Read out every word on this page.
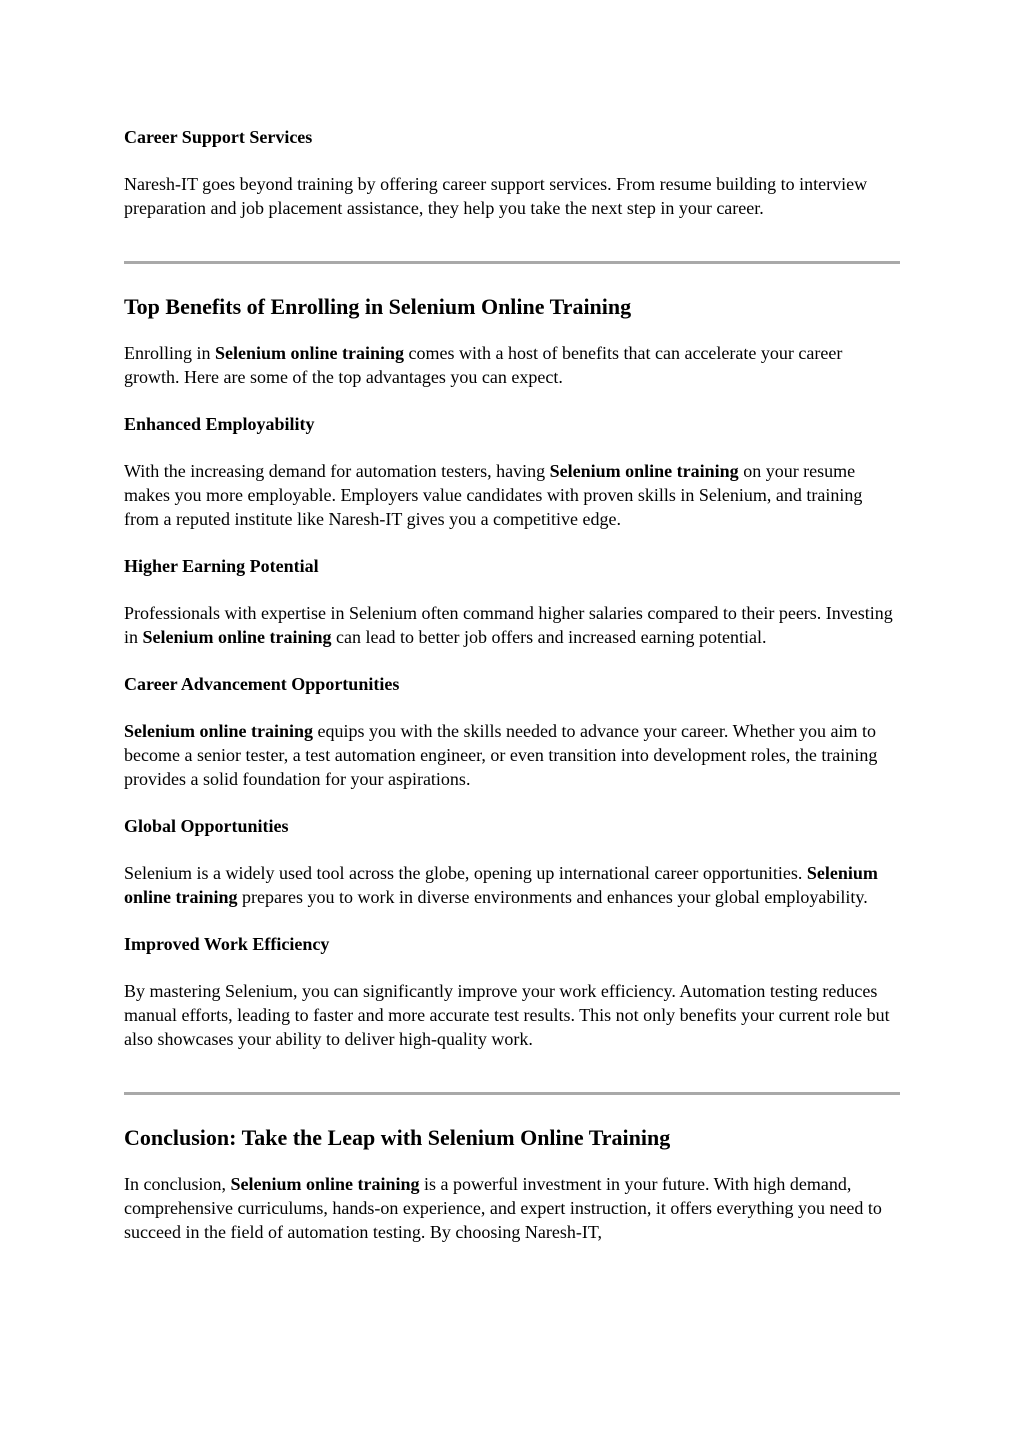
Career Support Services

Naresh-IT goes beyond training by offering career support services. From resume building to interview preparation and job placement assistance, they help you take the next step in your career.

Top Benefits of Enrolling in Selenium Online Training

Enrolling in Selenium online training comes with a host of benefits that can accelerate your career growth. Here are some of the top advantages you can expect.

Enhanced Employability

With the increasing demand for automation testers, having Selenium online training on your resume makes you more employable. Employers value candidates with proven skills in Selenium, and training from a reputed institute like Naresh-IT gives you a competitive edge.

Higher Earning Potential

Professionals with expertise in Selenium often command higher salaries compared to their peers. Investing in Selenium online training can lead to better job offers and increased earning potential.

Career Advancement Opportunities

Selenium online training equips you with the skills needed to advance your career. Whether you aim to become a senior tester, a test automation engineer, or even transition into development roles, the training provides a solid foundation for your aspirations.

Global Opportunities

Selenium is a widely used tool across the globe, opening up international career opportunities. Selenium online training prepares you to work in diverse environments and enhances your global employability.

Improved Work Efficiency

By mastering Selenium, you can significantly improve your work efficiency. Automation testing reduces manual efforts, leading to faster and more accurate test results. This not only benefits your current role but also showcases your ability to deliver high-quality work.

Conclusion: Take the Leap with Selenium Online Training

In conclusion, Selenium online training is a powerful investment in your future. With high demand, comprehensive curriculums, hands-on experience, and expert instruction, it offers everything you need to succeed in the field of automation testing. By choosing Naresh-IT,
